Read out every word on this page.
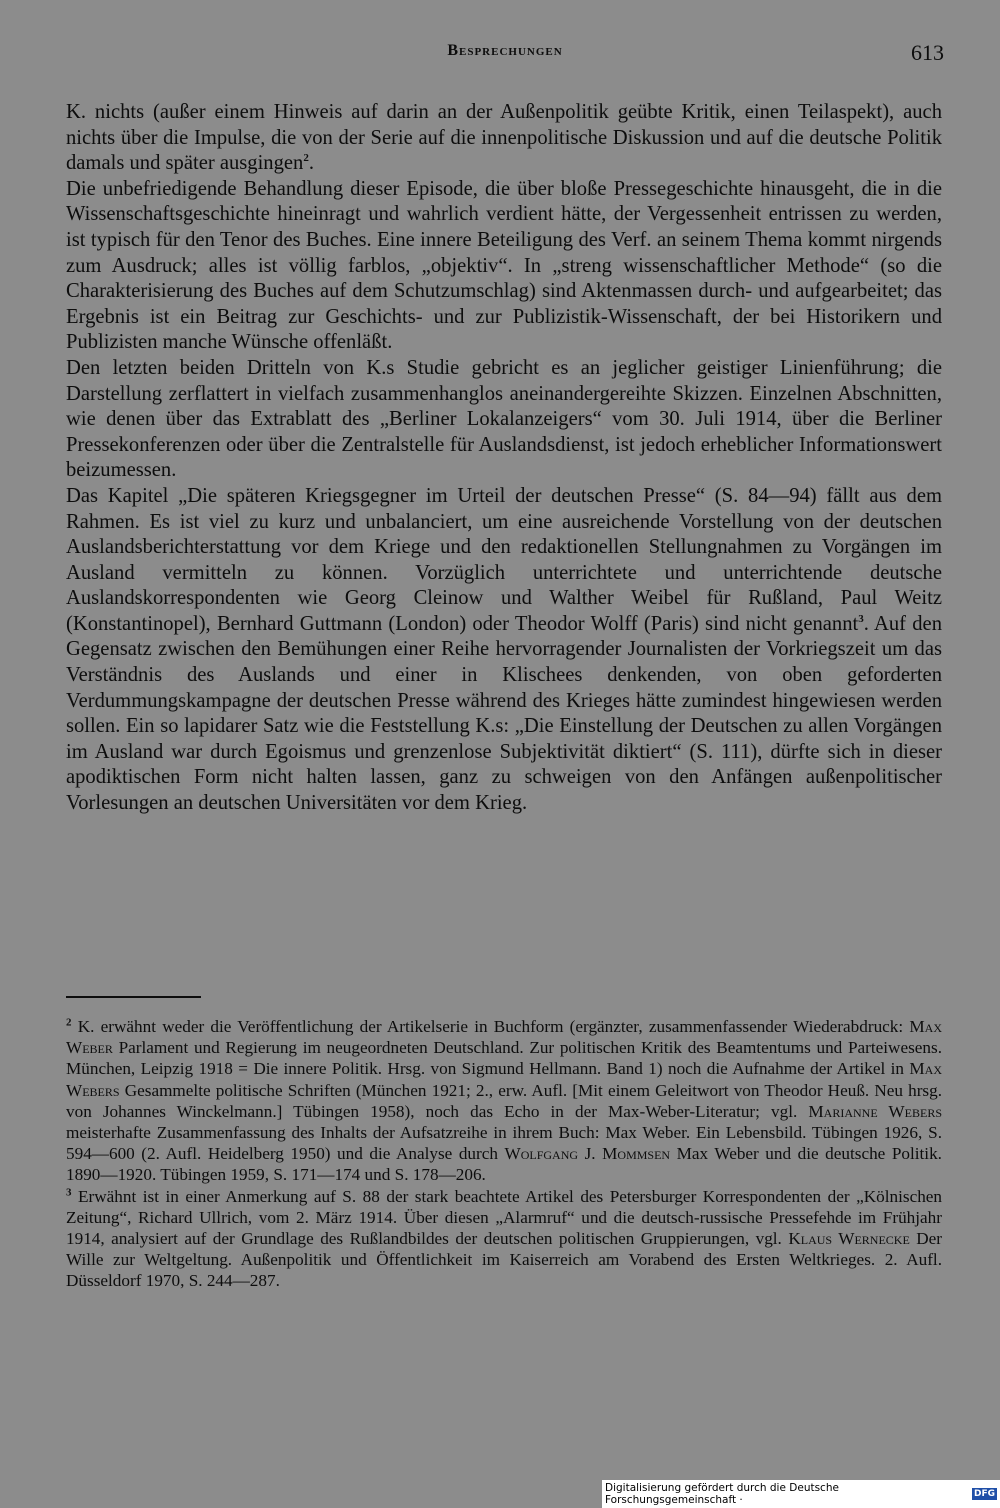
Besprechungen	613

K. nichts (außer einem Hinweis auf darin an der Außenpolitik geübte Kritik, einen Teilaspekt), auch nichts über die Impulse, die von der Serie auf die innenpolitische Diskussion und auf die deutsche Politik damals und später ausgingen$^2$.

Die unbefriedigende Behandlung dieser Episode, die über bloße Pressegeschichte hinausgeht, die in die Wissenschaftsgeschichte hineinragt und wahrlich verdient hätte, der Vergessenheit entrissen zu werden, ist typisch für den Tenor des Buches. Eine innere Beteiligung des Verf. an seinem Thema kommt nirgends zum Ausdruck; alles ist völlig farblos, „objektiv“. In „streng wissenschaftlicher Methode“ (so die Charakterisierung des Buches auf dem Schutzumschlag) sind Aktenmassen durch- und aufgearbeitet; das Ergebnis ist ein Beitrag zur Geschichts- und zur Publizistik-Wissenschaft, der bei Historikern und Publizisten manche Wünsche offenläßt.

Den letzten beiden Dritteln von K.s Studie gebricht es an jeglicher geistiger Linienführung; die Darstellung zerflattert in vielfach zusammenhanglos aneinandergereihte Skizzen. Einzelnen Abschnitten, wie denen über das Extrablatt des „Berliner Lokalanzeigers“ vom 30. Juli 1914, über die Berliner Pressekonferenzen oder über die Zentralstelle für Auslandsdienst, ist jedoch erheblicher Informationswert beizumessen.

Das Kapitel „Die späteren Kriegsgegner im Urteil der deutschen Presse“ (S. 84—94) fällt aus dem Rahmen. Es ist viel zu kurz und unbalanciert, um eine ausreichende Vorstellung von der deutschen Auslandsberichterstattung vor dem Kriege und den redaktionellen Stellungnahmen zu Vorgängen im Ausland vermitteln zu können. Vorzüglich unterrichtete und unterrichtende deutsche Auslandskorrespondenten wie Georg Cleinow und Walther Weibel für Rußland, Paul Weitz (Konstantinopel), Bernhard Guttmann (London) oder Theodor Wolff (Paris) sind nicht genannt$^3$. Auf den Gegensatz zwischen den Bemühungen einer Reihe hervorragender Journalisten der Vorkriegszeit um das Verständnis des Auslands und einer in Klischees denkenden, von oben geforderten Verdummungskampagne der deutschen Presse während des Krieges hätte zumindest hingewiesen werden sollen. Ein so lapidarer Satz wie die Feststellung K.s: „Die Einstellung der Deutschen zu allen Vorgängen im Ausland war durch Egoismus und grenzenlose Subjektivität diktiert“ (S. 111), dürfte sich in dieser apodiktischen Form nicht halten lassen, ganz zu schweigen von den Anfängen außenpolitischer Vorlesungen an deutschen Universitäten vor dem Krieg.

$^2$ K. erwähnt weder die Veröffentlichung der Artikelserie in Buchform (ergänzter, zusammenfassender Wiederabdruck: Max Weber Parlament und Regierung im neugeordneten Deutschland. Zur politischen Kritik des Beamtentums und Parteiwesens. München, Leipzig 1918 = Die innere Politik. Hrsg. von Sigmund Hellmann. Band 1) noch die Aufnahme der Artikel in Max Webers Gesammelte politische Schriften (München 1921; 2., erw. Aufl. [Mit einem Geleitwort von Theodor Heuß. Neu hrsg. von Johannes Winckelmann.] Tübingen 1958), noch das Echo in der Max-Weber-Literatur; vgl. Marianne Webers meisterhafte Zusammenfassung des Inhalts der Aufsatzreihe in ihrem Buch: Max Weber. Ein Lebensbild. Tübingen 1926, S. 594—600 (2. Aufl. Heidelberg 1950) und die Analyse durch Wolfgang J. Mommsen Max Weber und die deutsche Politik. 1890—1920. Tübingen 1959, S. 171—174 und S. 178—206.

$^3$ Erwähnt ist in einer Anmerkung auf S. 88 der stark beachtete Artikel des Petersburger Korrespondenten der „Kölnischen Zeitung“, Richard Ullrich, vom 2. März 1914. Über diesen „Alarmruf“ und die deutsch-russische Pressefehde im Frühjahr 1914, analysiert auf der Grundlage des Rußlandbildes der deutschen politischen Gruppierungen, vgl. Klaus Wernecke Der Wille zur Weltgeltung. Außenpolitik und Öffentlichkeit im Kaiserreich am Vorabend des Ersten Weltkrieges. 2. Aufl. Düsseldorf 1970, S. 244—287.

Digitalisierung gefördert durch die Deutsche Forschungsgemeinschaft ·	DFG
